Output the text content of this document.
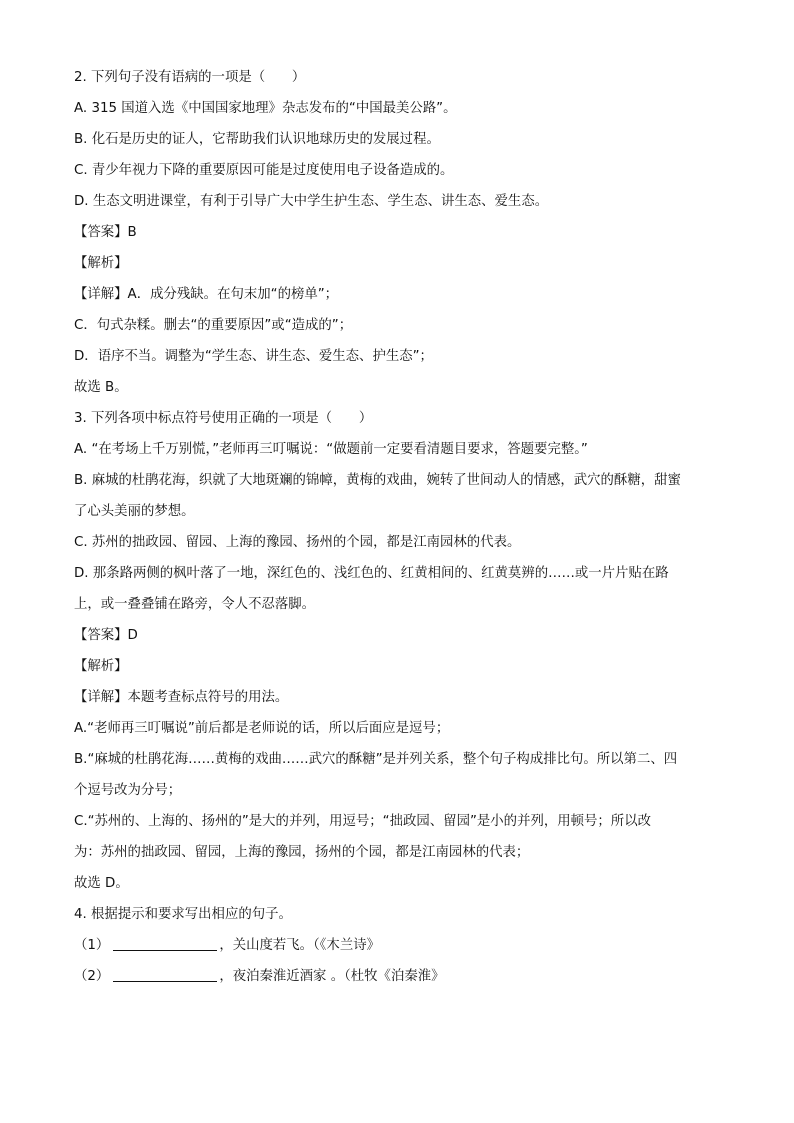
2. 下列句子没有语病的一项是（　　）
A. 315 国道入选《中国国家地理》杂志发布的“中国最美公路”。
B. 化石是历史的证人，它帮助我们认识地球历史的发展过程。
C. 青少年视力下降的重要原因可能是过度使用电子设备造成的。
D. 生态文明进课堂，有利于引导广大中学生护生态、学生态、讲生态、爱生态。
【答案】B
【解析】
【详解】A．成分残缺。在句末加“的榜单”；
C．句式杂糅。删去“的重要原因”或“造成的”；
D．语序不当。调整为“学生态、讲生态、爱生态、护生态”；
故选 B。
3. 下列各项中标点符号使用正确的一项是（　　）
A. “在考场上千万别慌，”老师再三叮嘱说：“做题前一定要看清题目要求，答题要完整。”
B. 麻城的杜鹃花海，织就了大地斑斓的锦幛，黄梅的戏曲，婉转了世间动人的情感，武穴的酥糖，甜蜜
了心头美丽的梦想。
C. 苏州的拙政园、留园、上海的豫园、扬州的个园，都是江南园林的代表。
D. 那条路两侧的枫叶落了一地，深红色的、浅红色的、红黄相间的、红黄莫辨的……或一片片贴在路
上，或一叠叠铺在路旁，令人不忍落脚。
【答案】D
【解析】
【详解】本题考查标点符号的用法。
A.“老师再三叮嘱说”前后都是老师说的话，所以后面应是逗号；
B.“麻城的杜鹃花海……黄梅的戏曲……武穴的酥糖”是并列关系，整个句子构成排比句。所以第二、四
个逗号改为分号；
C.“苏州的、上海的、扬州的”是大的并列，用逗号；“拙政园、留园”是小的并列，用顿号；所以改
为：苏州的拙政园、留园，上海的豫园，扬州的个园，都是江南园林的代表；
故选 D。
4. 根据提示和要求写出相应的句子。
（1）	，关山度若飞。（《木兰诗》
（2）	，夜泊秦淮近酒家 。（杜牧《泊秦淮》
